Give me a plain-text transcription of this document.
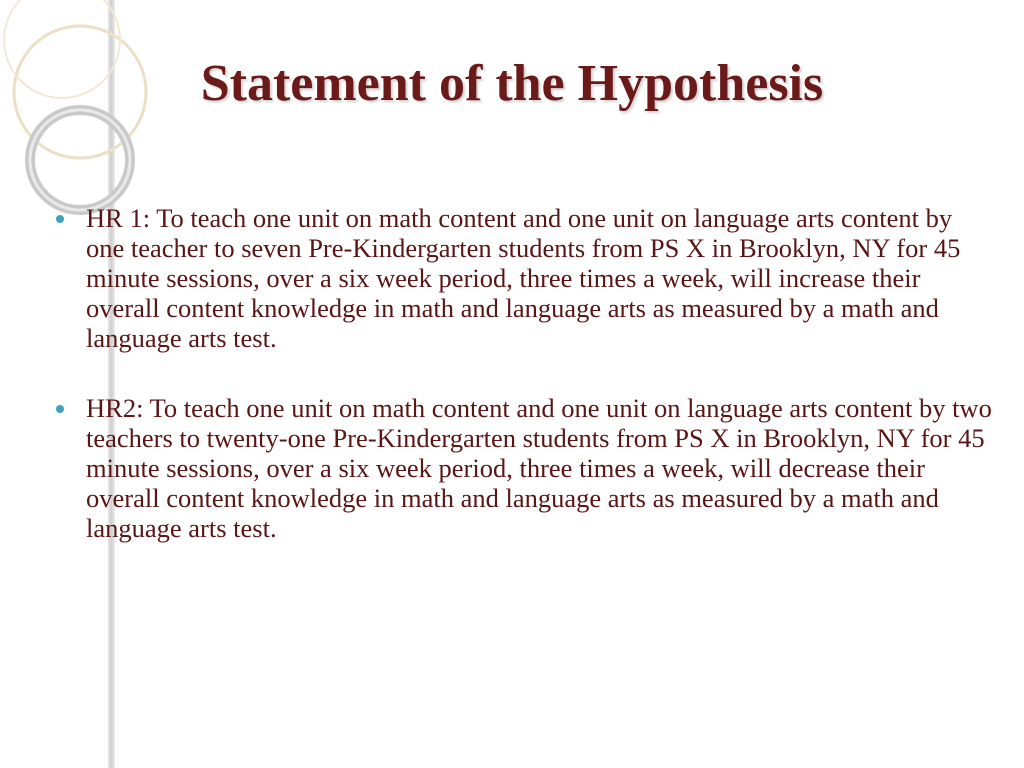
Statement of the Hypothesis
HR 1: To teach one unit on math content and one unit on language arts content by one teacher to seven Pre-Kindergarten students from PS X in Brooklyn, NY for 45 minute sessions, over a six week period, three times a week, will increase their overall content knowledge in math and language arts as measured by a math and language arts test.
HR2: To teach one unit on math content and one unit on language arts content by two teachers to twenty-one Pre-Kindergarten students from PS X in Brooklyn, NY for 45 minute sessions, over a six week period, three times a week, will decrease their overall content knowledge in math and language arts as measured by a math and language arts test.
